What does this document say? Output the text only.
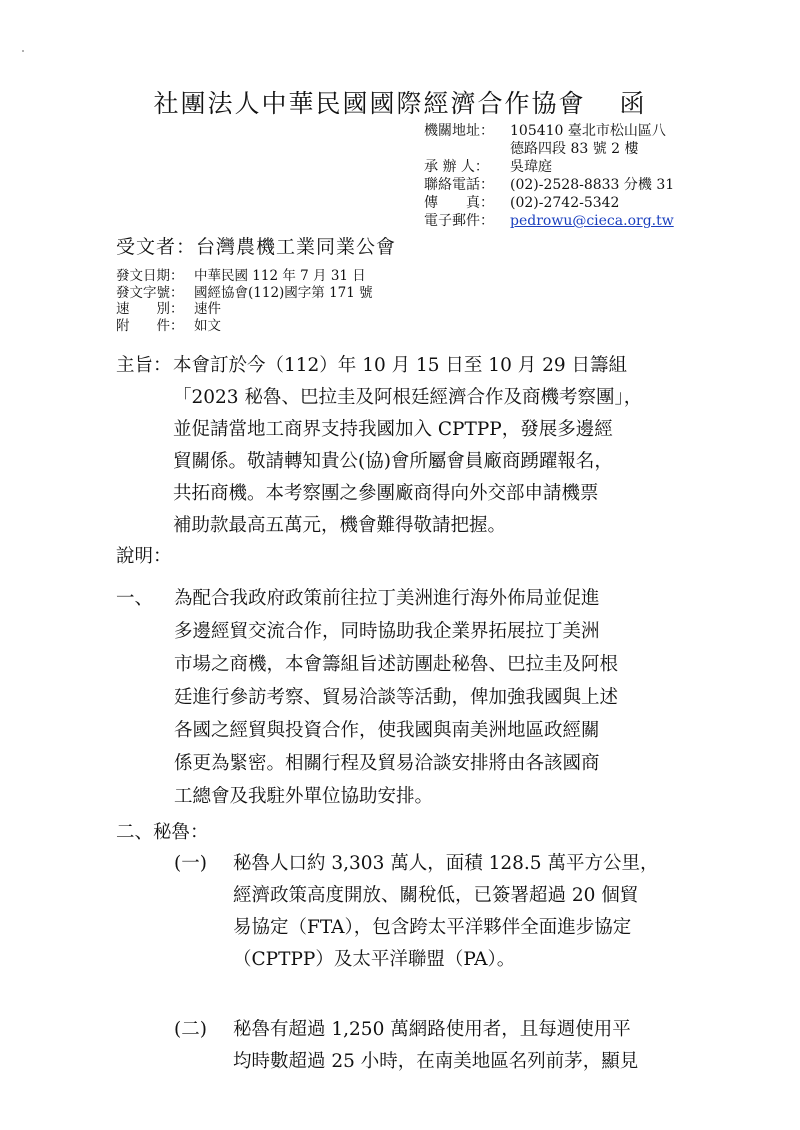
社團法人中華民國國際經濟合作協會 函
機關地址：	105410 臺北市松山區八
德路四段 83 號 2 樓
承 辦 人：	吳瑋庭
聯絡電話：	(02)-2528-8833 分機 31
傳　　真：	(02)-2742-5342
電子郵件：	pedrowu@cieca.org.tw
受文者：台灣農機工業同業公會
發文日期： 中華民國 112 年 7 月 31 日
發文字號： 國經協會(112)國字第 171 號
速　　別： 速件
附　　件： 如文
主旨： 本會訂於今（112）年 10 月 15 日至 10 月 29 日籌組
「2023 秘魯、巴拉圭及阿根廷經濟合作及商機考察團」，
並促請當地工商界支持我國加入 CPTPP，發展多邊經
貿關係。敬請轉知貴公(協)會所屬會員廠商踴躍報名，
共拓商機。本考察團之參團廠商得向外交部申請機票
補助款最高五萬元，機會難得敬請把握。
說明：
一、 為配合我政府政策前往拉丁美洲進行海外佈局並促進
多邊經貿交流合作，同時協助我企業界拓展拉丁美洲
市場之商機，本會籌組旨述訪團赴秘魯、巴拉圭及阿根
廷進行參訪考察、貿易洽談等活動，俾加強我國與上述
各國之經貿與投資合作，使我國與南美洲地區政經關
係更為緊密。相關行程及貿易洽談安排將由各該國商
工總會及我駐外單位協助安排。
二、秘魯：
(一) 秘魯人口約 3,303 萬人，面積 128.5 萬平方公里，
經濟政策高度開放、關稅低，已簽署超過 20 個貿
易協定（FTA），包含跨太平洋夥伴全面進步協定
（CPTPP）及太平洋聯盟（PA）。
(二) 秘魯有超過 1,250 萬網路使用者，且每週使用平
均時數超過 25 小時，在南美地區名列前茅，顯見
